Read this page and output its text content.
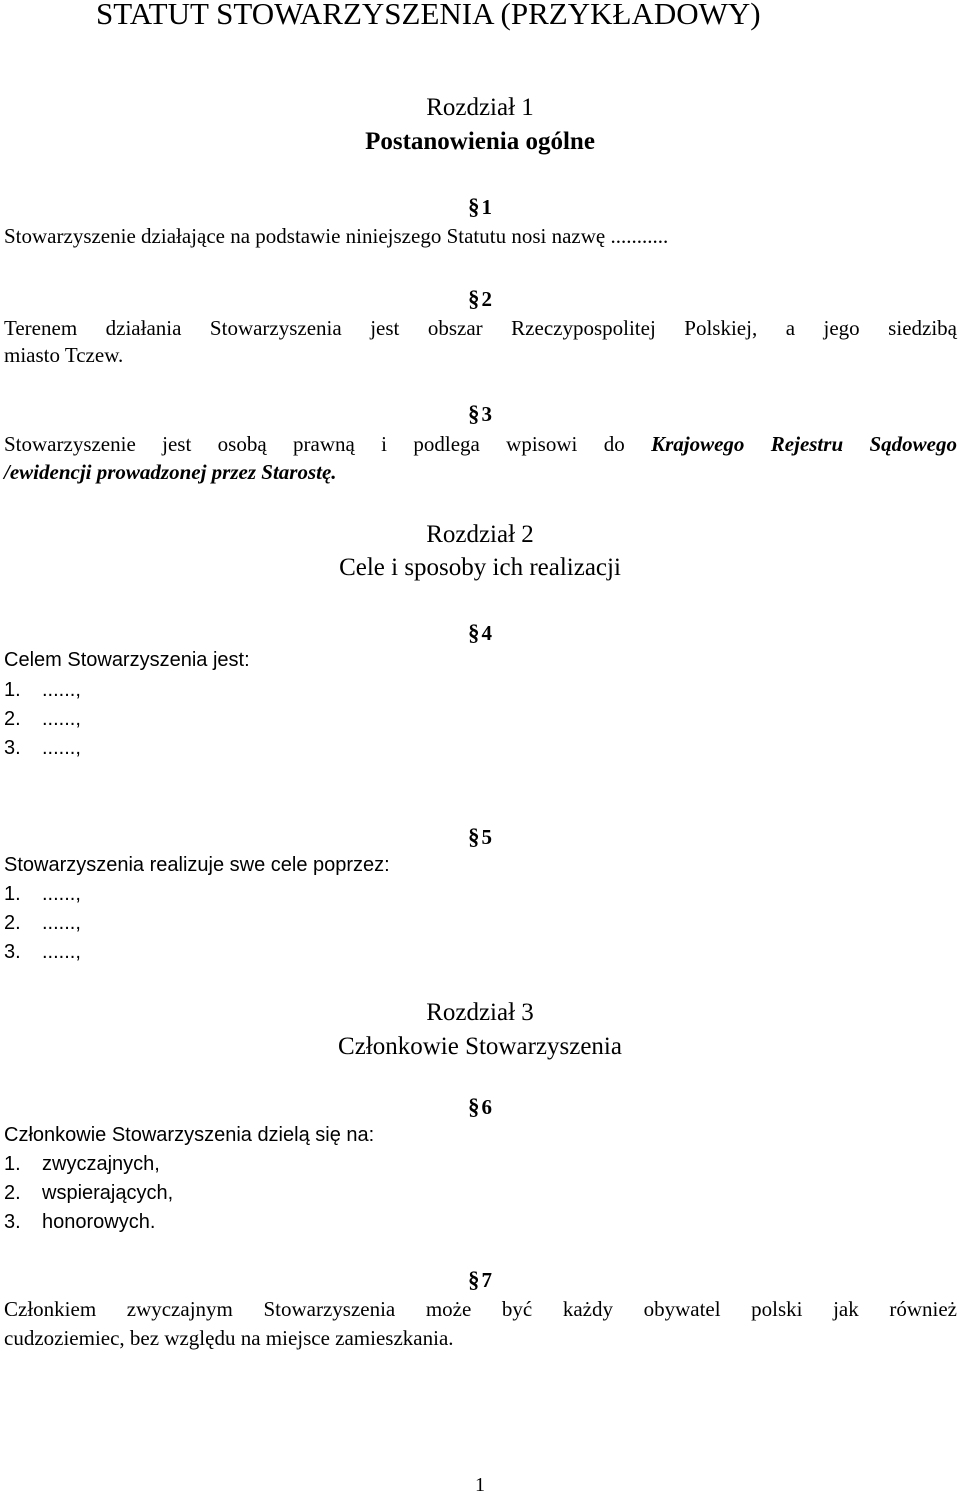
STATUT STOWARZYSZENIA (PRZYKŁADOWY)
Rozdział 1
Postanowienia ogólne
§1
Stowarzyszenie działające na podstawie niniejszego Statutu nosi nazwę ...........
§2
Terenem działania Stowarzyszenia jest obszar Rzeczypospolitej Polskiej, a jego siedzibą
miasto Tczew.
§3
Stowarzyszenie jest osobą prawną i podlega wpisowi do Krajowego Rejestru Sądowego
/ewidencji prowadzonej przez Starostę.
Rozdział 2
Cele i sposoby ich realizacji
§4
Celem Stowarzyszenia jest:
1. ......,
2. ......,
3. ......,
§5
Stowarzyszenia realizuje swe cele poprzez:
1. ......,
2. ......,
3. ......,
Rozdział 3
Członkowie Stowarzyszenia
§6
Członkowie Stowarzyszenia dzielą się na:
1. zwyczajnych,
2. wspierających,
3. honorowych.
§7
Członkiem zwyczajnym Stowarzyszenia może być każdy obywatel polski jak również
cudzoziemiec, bez względu na miejsce zamieszkania.
1
